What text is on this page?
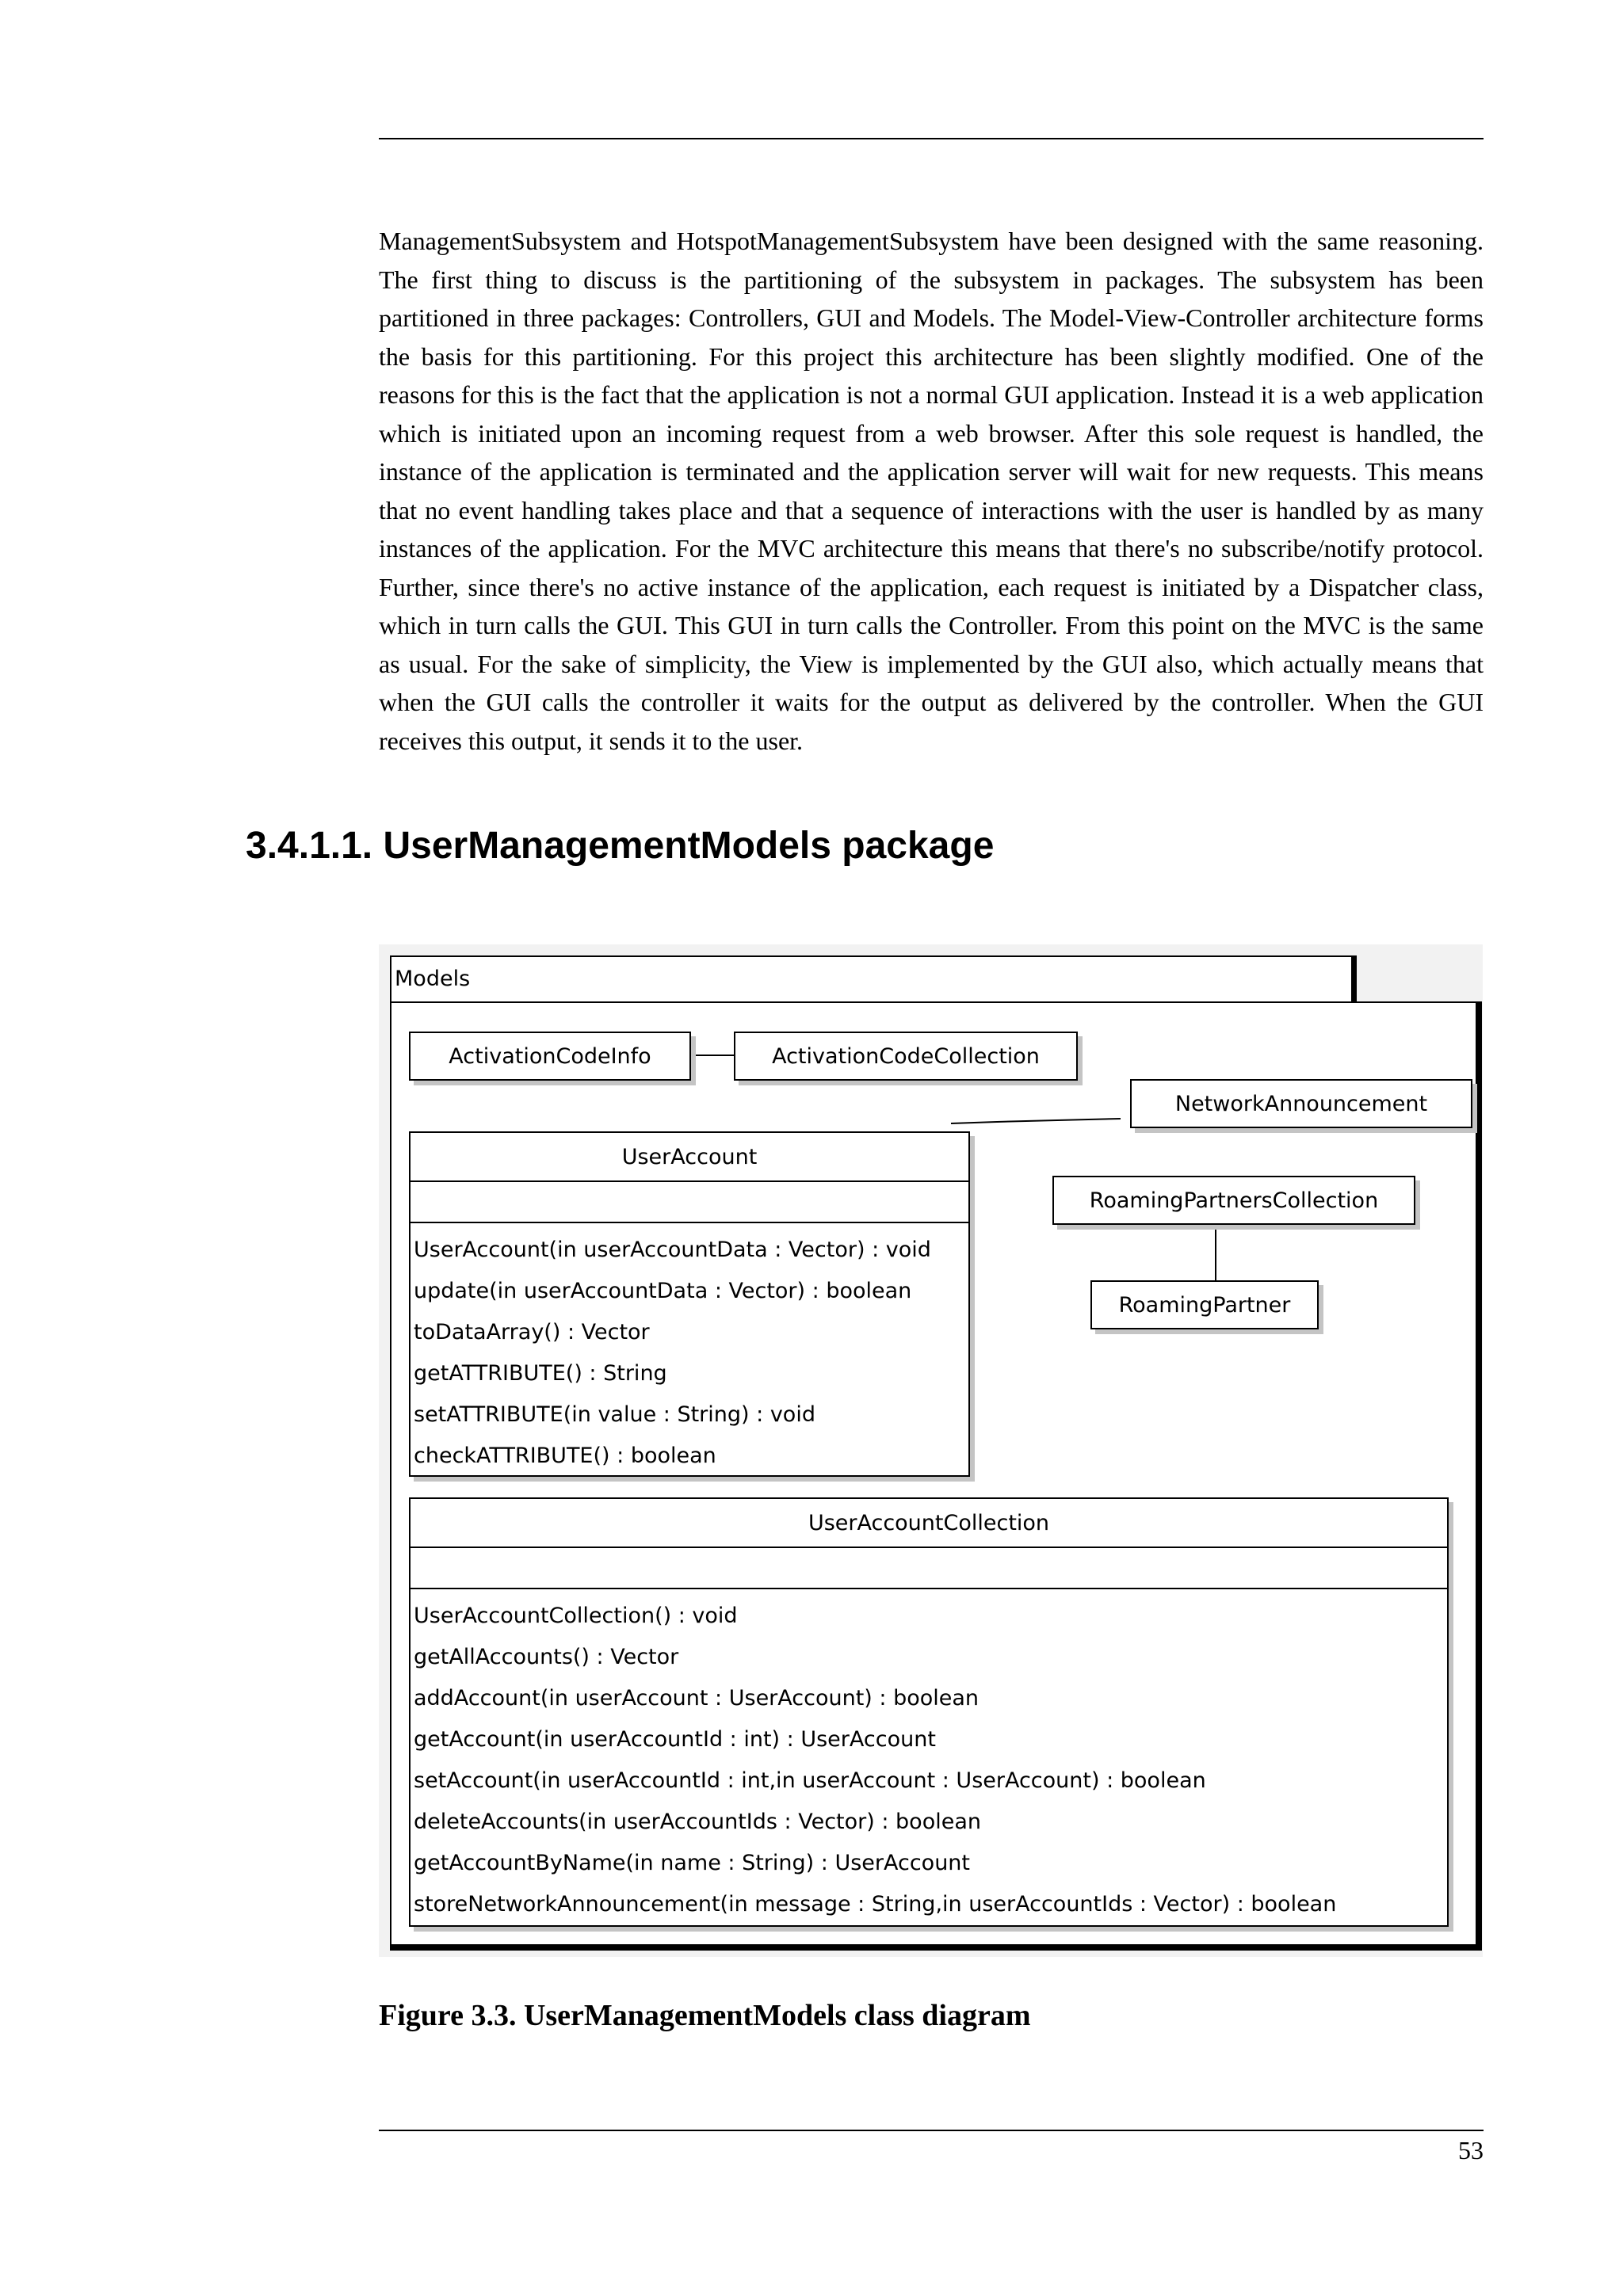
ManagementSubsystem and HotspotManagementSubsystem have been designed with the same reasoning. The first thing to discuss is the partitioning of the subsystem in packages. The subsystem has been partitioned in three packages: Controllers, GUI and Models. The Model-View-Controller architecture forms the basis for this partitioning. For this project this architecture has been slightly modified. One of the reasons for this is the fact that the application is not a normal GUI application. Instead it is a web application which is initiated upon an incoming request from a web browser. After this sole request is handled, the instance of the application is terminated and the application server will wait for new requests. This means that no event handling takes place and that a sequence of interactions with the user is handled by as many instances of the application. For the MVC architecture this means that there's no subscribe/notify protocol. Further, since there's no active instance of the application, each request is initiated by a Dispatcher class, which in turn calls the GUI. This GUI in turn calls the Controller. From this point on the MVC is the same as usual. For the sake of simplicity, the View is implemented by the GUI also, which actually means that when the GUI calls the controller it waits for the output as delivered by the controller. When the GUI receives this output, it sends it to the user.

3.4.1.1. UserManagementModels package
Models
ActivationCodeInfo	ActivationCodeCollection
NetworkAnnouncement
RoamingPartnersCollection
RoamingPartner
UserAccount
UserAccount(in userAccountData : Vector) : void
update(in userAccountData : Vector) : boolean
toDataArray() : Vector
getATTRIBUTE() : String
setATTRIBUTE(in value : String) : void
checkATTRIBUTE() : boolean
UserAccountCollection
UserAccountCollection() : void
getAllAccounts() : Vector
addAccount(in userAccount : UserAccount) : boolean
getAccount(in userAccountId : int) : UserAccount
setAccount(in userAccountId : int,in userAccount : UserAccount) : boolean
deleteAccounts(in userAccountIds : Vector) : boolean
getAccountByName(in name : String) : UserAccount
storeNetworkAnnouncement(in message : String,in userAccountIds : Vector) : boolean

Figure 3.3. UserManagementModels class diagram

53
